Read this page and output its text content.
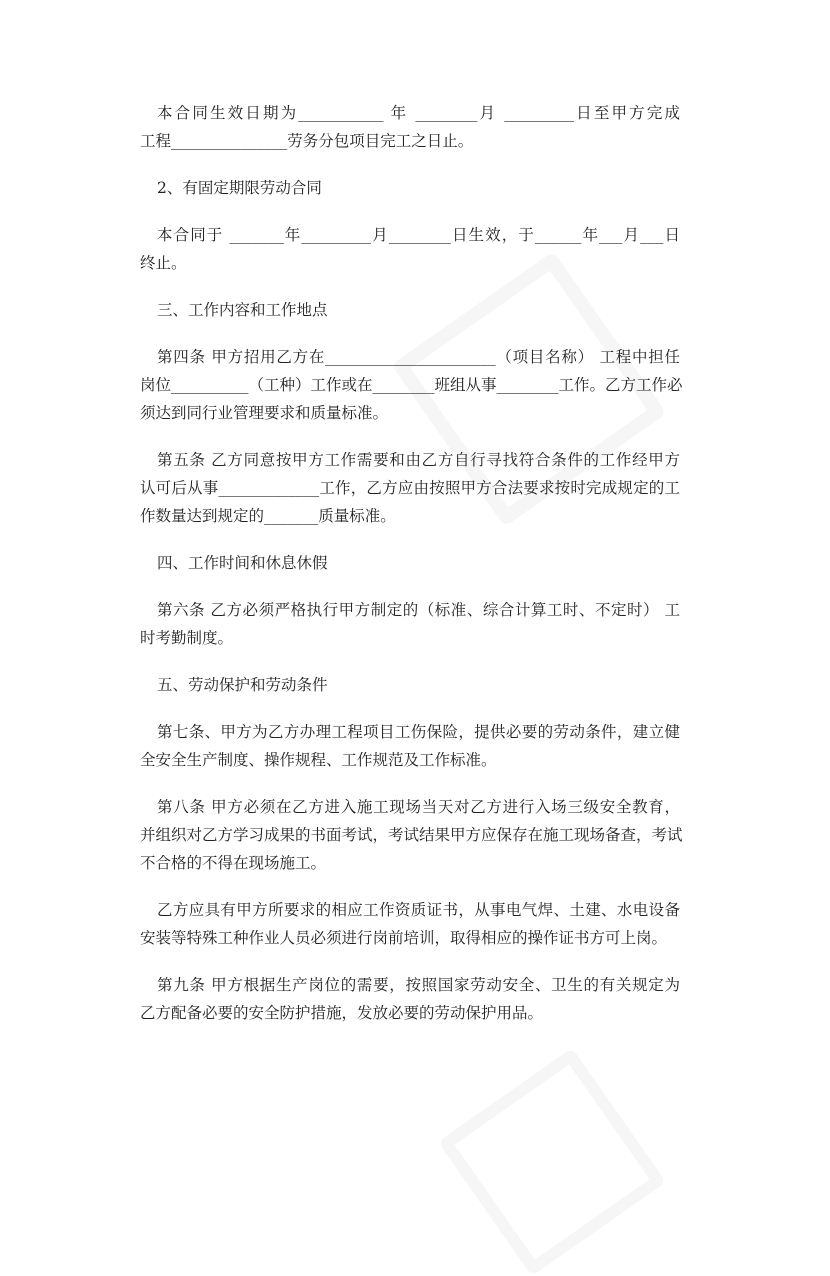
本合同生效日期为___________ 年 ________月 _________日至甲方完成
工程_______________劳务分包项目完工之日止。
2、有固定期限劳动合同
本合同于 _______年_________月________日生效，于______年___月___日
终止。
三、工作内容和工作地点
第四条 甲方招用乙方在______________________（项目名称） 工程中担任
岗位__________（工种）工作或在________班组从事________工作。乙方工作必
须达到同行业管理要求和质量标准。
第五条 乙方同意按甲方工作需要和由乙方自行寻找符合条件的工作经甲方
认可后从事_____________工作，乙方应由按照甲方合法要求按时完成规定的工
作数量达到规定的_______质量标准。
四、工作时间和休息休假
第六条 乙方必须严格执行甲方制定的（标准、综合计算工时、不定时） 工
时考勤制度。
五、劳动保护和劳动条件
第七条、甲方为乙方办理工程项目工伤保险，提供必要的劳动条件，建立健
全安全生产制度、操作规程、工作规范及工作标准。
第八条 甲方必须在乙方进入施工现场当天对乙方进行入场三级安全教育，
并组织对乙方学习成果的书面考试，考试结果甲方应保存在施工现场备查，考试
不合格的不得在现场施工。
乙方应具有甲方所要求的相应工作资质证书，从事电气焊、土建、水电设备
安装等特殊工种作业人员必须进行岗前培训，取得相应的操作证书方可上岗。
第九条 甲方根据生产岗位的需要，按照国家劳动安全、卫生的有关规定为
乙方配备必要的安全防护措施，发放必要的劳动保护用品。
